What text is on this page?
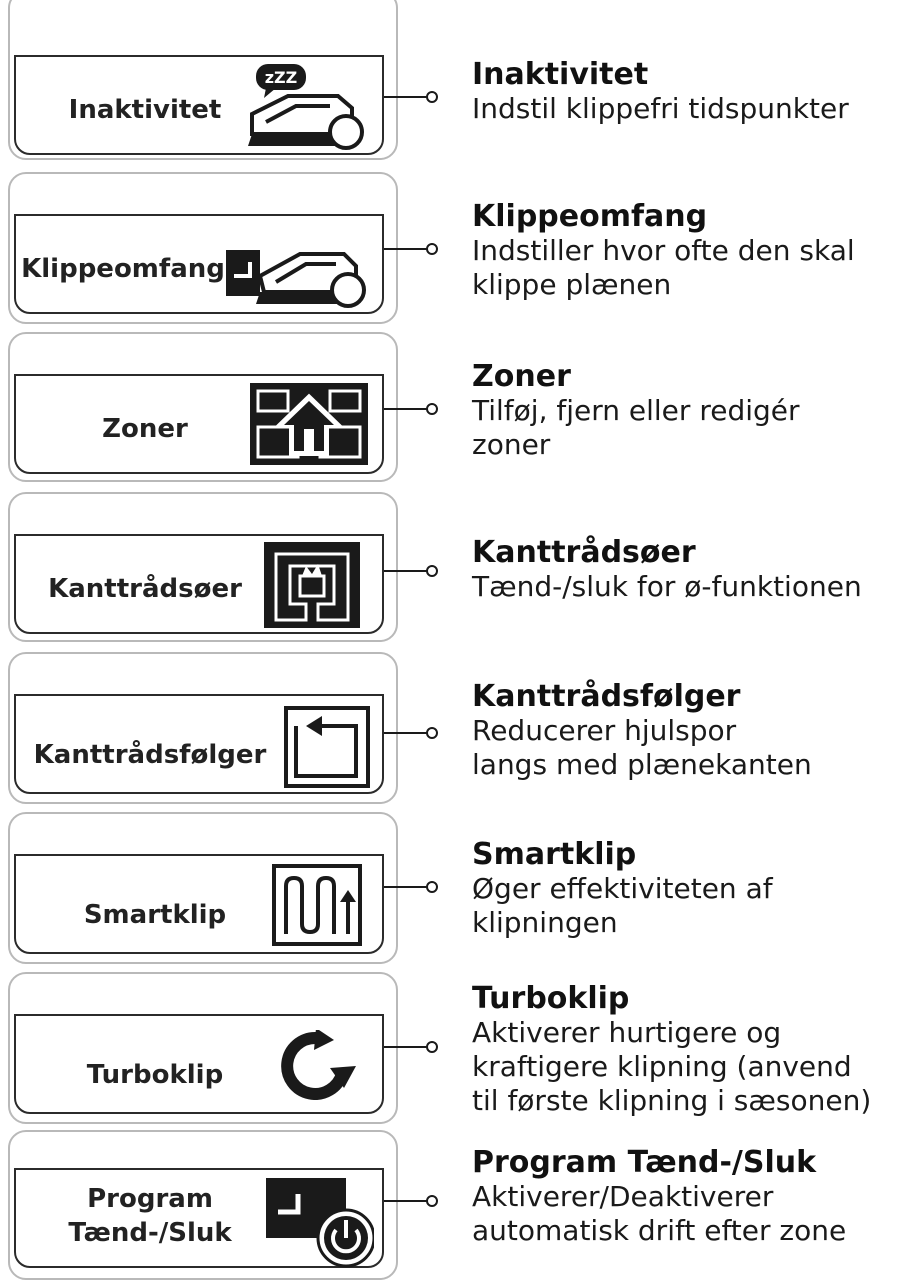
Inaktivitet
zZZ	Inaktivitet
Indstil klippefri tidspunkter
Klippeomfang
Klippeomfang
Indstiller hvor ofte den skal
klippe plænen
Zoner
Zoner
Tilføj, fjern eller redigér
zoner
Kanttrådsøer
Kanttrådsøer
Tænd-/sluk for ø-funktionen
Kanttrådsfølger
Kanttrådsfølger
Reducerer hjulspor
langs med plænekanten
Smartklip
Smartklip
Øger effektiviteten af
klipningen
Turboklip
Turboklip
Aktiverer hurtigere og
kraftigere klipning (anvend
til første klipning i sæsonen)
Program
Tænd-/Sluk
Program Tænd-/Sluk
Aktiverer/Deaktiverer
automatisk drift efter zone
